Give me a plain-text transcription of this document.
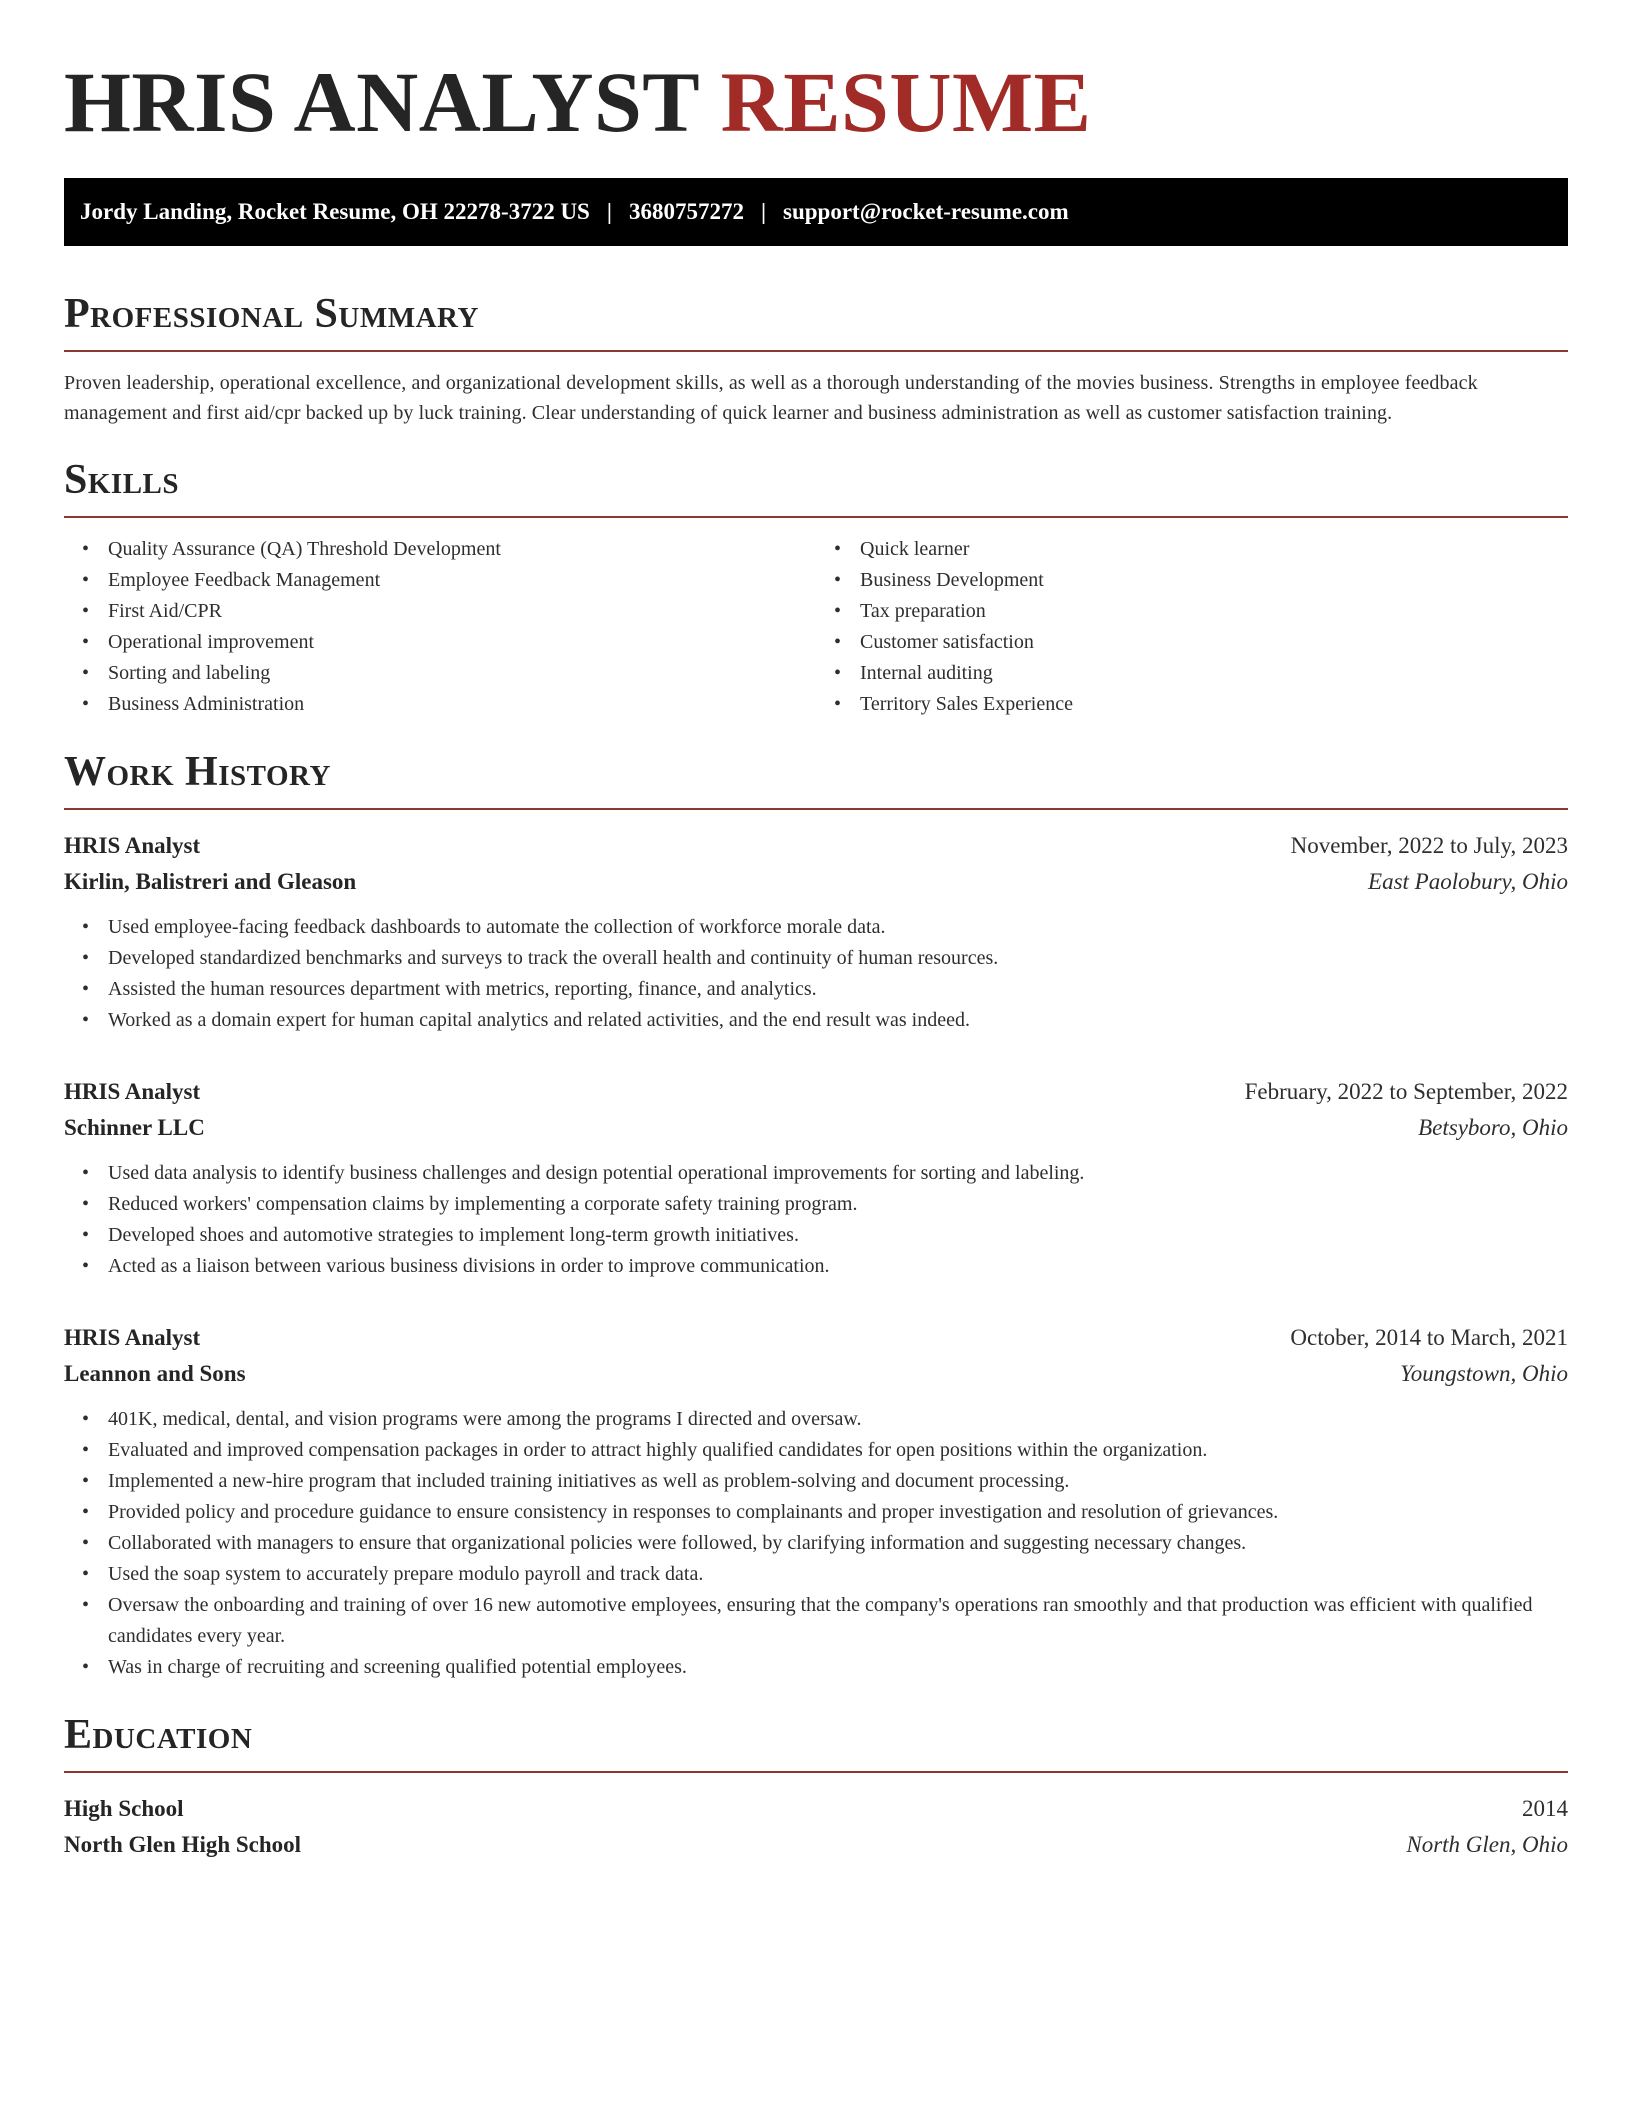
HRIS ANALYST RESUME
Jordy Landing, Rocket Resume, OH 22278-3722 US | 3680757272 | support@rocket-resume.com
Professional Summary

Proven leadership, operational excellence, and organizational development skills, as well as a thorough understanding of the movies business. Strengths in employee feedback management and first aid/cpr backed up by luck training. Clear understanding of quick learner and business administration as well as customer satisfaction training.

Skills
• Quality Assurance (QA) Threshold Development
• Employee Feedback Management
• First Aid/CPR
• Operational improvement
• Sorting and labeling
• Business Administration
• Quick learner
• Business Development
• Tax preparation
• Customer satisfaction
• Internal auditing
• Territory Sales Experience
Work History
HRIS Analyst	November, 2022 to July, 2023
Kirlin, Balistreri and Gleason	East Paolobury, Ohio
• Used employee-facing feedback dashboards to automate the collection of workforce morale data.
• Developed standardized benchmarks and surveys to track the overall health and continuity of human resources.
• Assisted the human resources department with metrics, reporting, finance, and analytics.
• Worked as a domain expert for human capital analytics and related activities, and the end result was indeed.
HRIS Analyst	February, 2022 to September, 2022
Schinner LLC	Betsyboro, Ohio
• Used data analysis to identify business challenges and design potential operational improvements for sorting and labeling.
• Reduced workers' compensation claims by implementing a corporate safety training program.
• Developed shoes and automotive strategies to implement long-term growth initiatives.
• Acted as a liaison between various business divisions in order to improve communication.
HRIS Analyst	October, 2014 to March, 2021
Leannon and Sons	Youngstown, Ohio
• 401K, medical, dental, and vision programs were among the programs I directed and oversaw.
• Evaluated and improved compensation packages in order to attract highly qualified candidates for open positions within the organization.
• Implemented a new-hire program that included training initiatives as well as problem-solving and document processing.
• Provided policy and procedure guidance to ensure consistency in responses to complainants and proper investigation and resolution of grievances.
• Collaborated with managers to ensure that organizational policies were followed, by clarifying information and suggesting necessary changes.
• Used the soap system to accurately prepare modulo payroll and track data.
• Oversaw the onboarding and training of over 16 new automotive employees, ensuring that the company's operations ran smoothly and that production was efficient with qualified candidates every year.
• Was in charge of recruiting and screening qualified potential employees.
Education
High School	2014
North Glen High School	North Glen, Ohio
